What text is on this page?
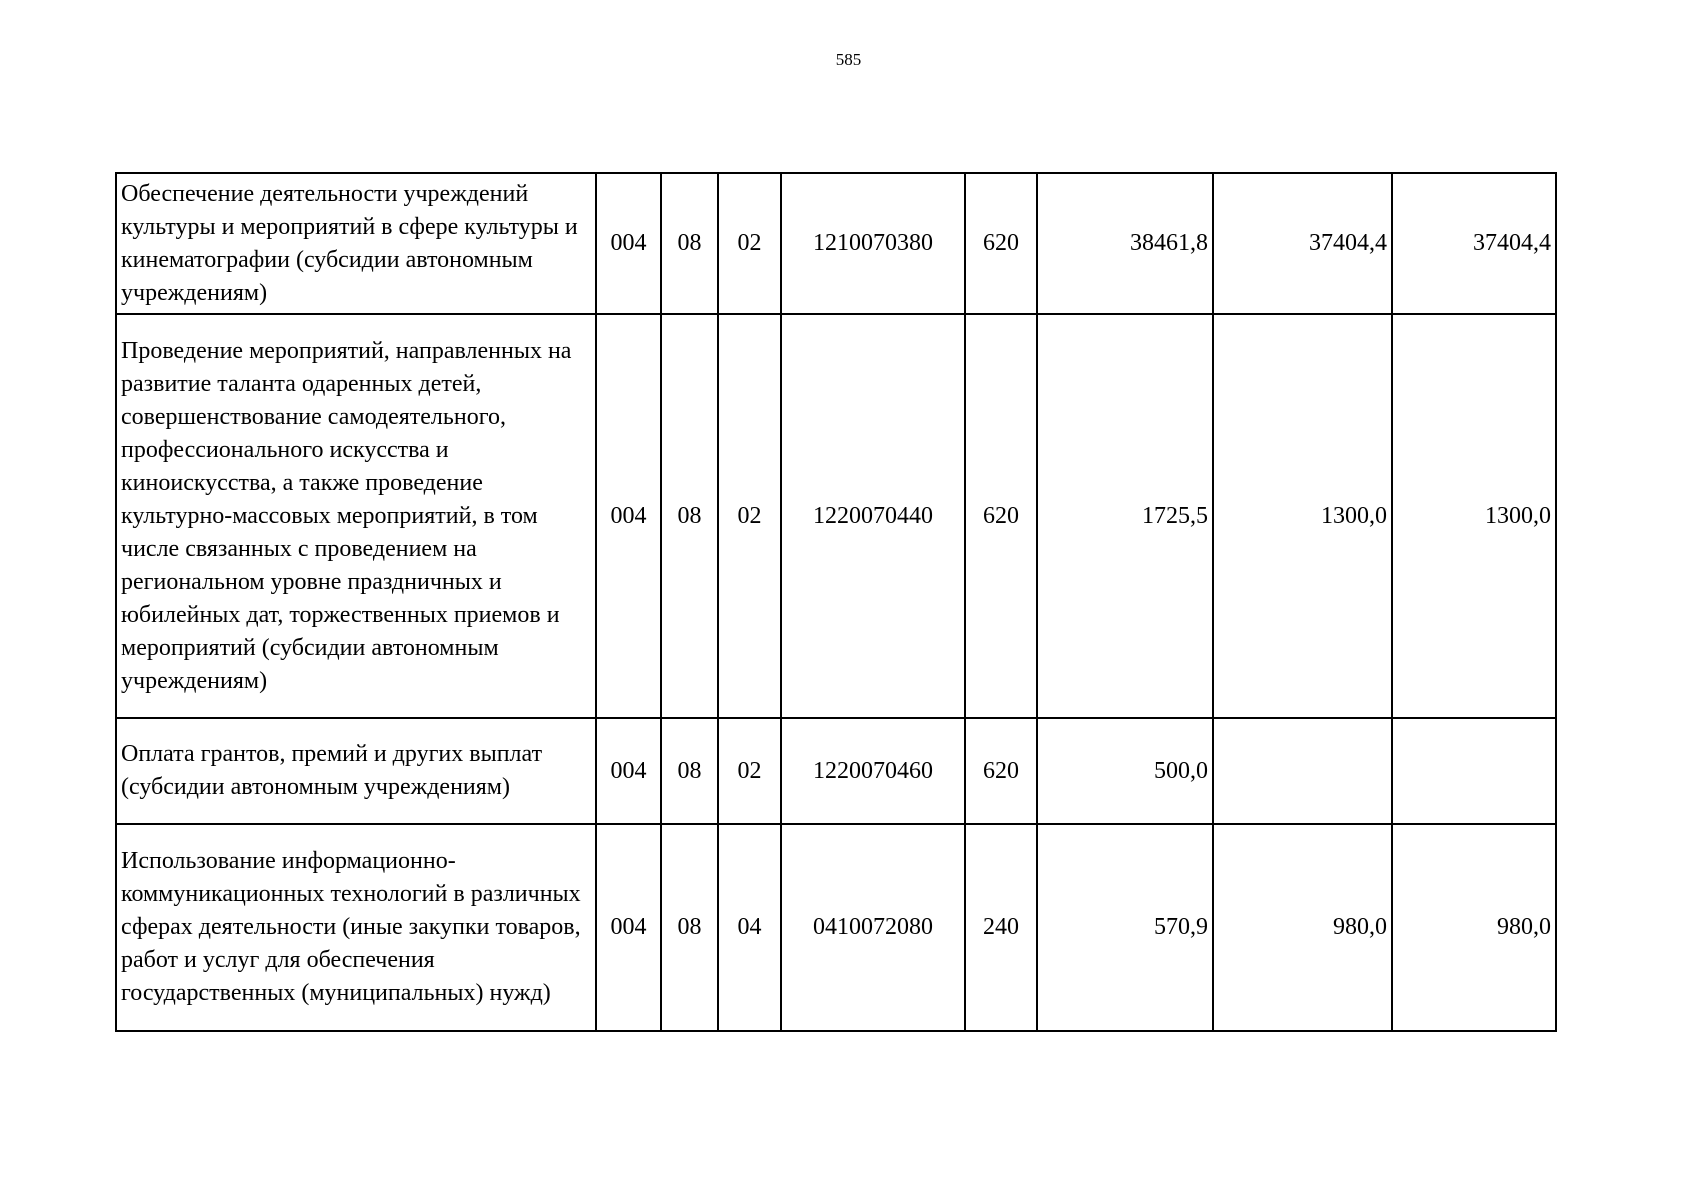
585
Обеспечение деятельности учреждений культуры и мероприятий в сфере культуры и кинематографии (субсидии автономным учреждениям)	004	08	02	1210070380	620	38461,8	37404,4	37404,4
Проведение мероприятий, направленных на развитие таланта одаренных детей, совершенствование самодеятельного, профессионального искусства и киноискусства, а также проведение культурно-массовых мероприятий, в том числе связанных с проведением на региональном уровне праздничных и юбилейных дат, торжественных приемов и мероприятий (субсидии автономным учреждениям)	004	08	02	1220070440	620	1725,5	1300,0	1300,0
Оплата грантов, премий и других выплат (субсидии автономным учреждениям)	004	08	02	1220070460	620	500,0		
Использование информационно-коммуникационных технологий в различных сферах деятельности (иные закупки товаров, работ и услуг для обеспечения государственных (муниципальных) нужд)	004	08	04	0410072080	240	570,9	980,0	980,0
